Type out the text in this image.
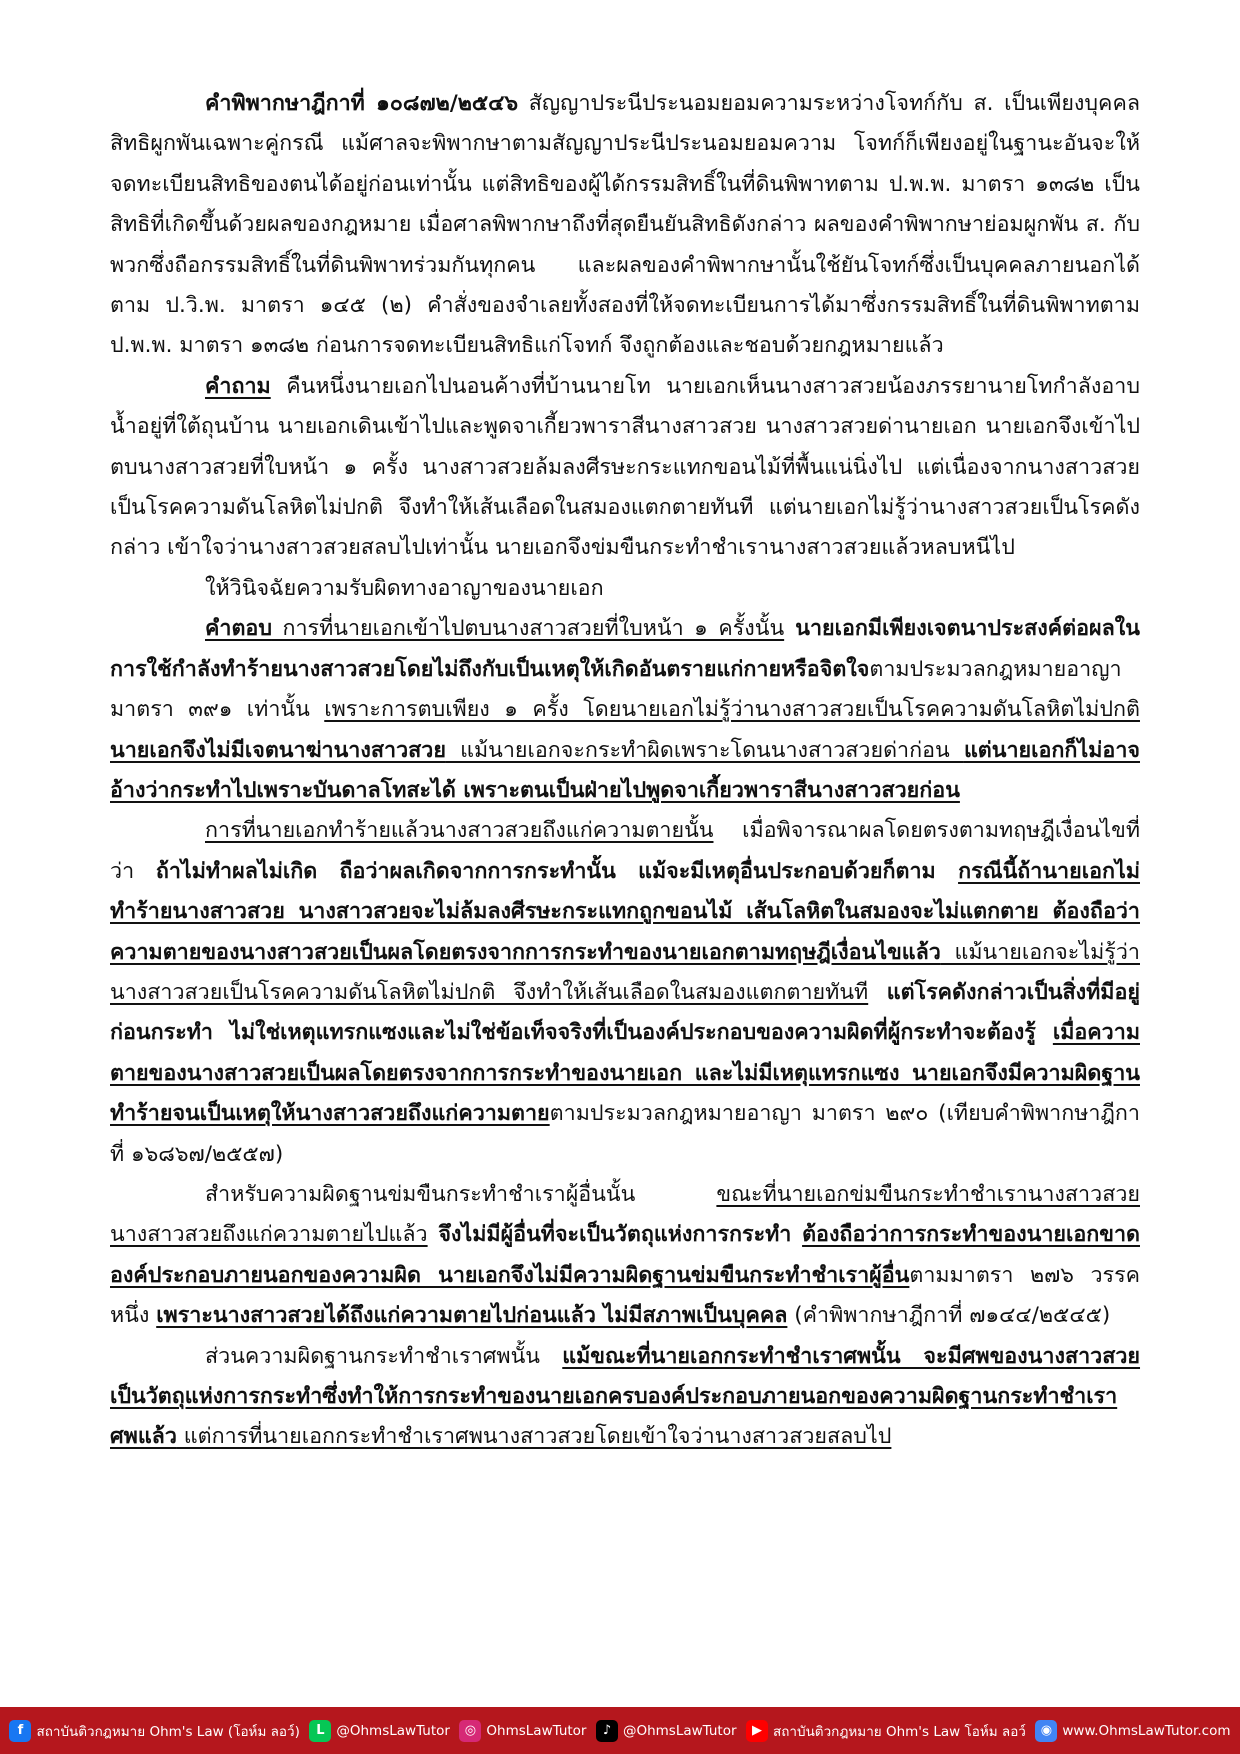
คำพิพากษาฎีกาที่ ๑๐๘๗๒/๒๕๔๖ สัญญาประนีประนอมยอมความระหว่างโจทก์กับ ส. เป็นเพียงบุคคลสิทธิผูกพันเฉพาะคู่กรณี แม้ศาลจะพิพากษาตามสัญญาประนีประนอมยอมความ โจทก์ก็เพียงอยู่ในฐานะอันจะให้จดทะเบียนสิทธิของตนได้อยู่ก่อนเท่านั้น แต่สิทธิของผู้ได้กรรมสิทธิ์ในที่ดินพิพาทตาม ป.พ.พ. มาตรา ๑๓๘๒ เป็นสิทธิที่เกิดขึ้นด้วยผลของกฎหมาย เมื่อศาลพิพากษาถึงที่สุดยืนยันสิทธิดังกล่าว ผลของคำพิพากษาย่อมผูกพัน ส. กับพวกซึ่งถือกรรมสิทธิ์ในที่ดินพิพาทร่วมกันทุกคน และผลของคำพิพากษานั้นใช้ยันโจทก์ซึ่งเป็นบุคคลภายนอกได้ตาม ป.วิ.พ. มาตรา ๑๔๕ (๒) คำสั่งของจำเลยทั้งสองที่ให้จดทะเบียนการได้มาซึ่งกรรมสิทธิ์ในที่ดินพิพาทตาม ป.พ.พ. มาตรา ๑๓๘๒ ก่อนการจดทะเบียนสิทธิแก่โจทก์ จึงถูกต้องและชอบด้วยกฎหมายแล้ว

คำถาม คืนหนึ่งนายเอกไปนอนค้างที่บ้านนายโท นายเอกเห็นนางสาวสวยน้องภรรยานายโทกำลังอาบน้ำอยู่ที่ใต้ถุนบ้าน นายเอกเดินเข้าไปและพูดจาเกี้ยวพาราสีนางสาวสวย นางสาวสวยด่านายเอก นายเอกจึงเข้าไปตบนางสาวสวยที่ใบหน้า ๑ ครั้ง นางสาวสวยล้มลงศีรษะกระแทกขอนไม้ที่พื้นแน่นิ่งไป แต่เนื่องจากนางสาวสวยเป็นโรคความดันโลหิตไม่ปกติ จึงทำให้เส้นเลือดในสมองแตกตายทันที แต่นายเอกไม่รู้ว่านางสาวสวยเป็นโรคดังกล่าว เข้าใจว่านางสาวสวยสลบไปเท่านั้น นายเอกจึงข่มขืนกระทำชำเรานางสาวสวยแล้วหลบหนีไป

ให้วินิจฉัยความรับผิดทางอาญาของนายเอก

คำตอบ การที่นายเอกเข้าไปตบนางสาวสวยที่ใบหน้า ๑ ครั้งนั้น นายเอกมีเพียงเจตนาประสงค์ต่อผลในการใช้กำลังทำร้ายนางสาวสวยโดยไม่ถึงกับเป็นเหตุให้เกิดอันตรายแก่กายหรือจิตใจตามประมวลกฎหมายอาญา มาตรา ๓๙๑ เท่านั้น เพราะการตบเพียง ๑ ครั้ง โดยนายเอกไม่รู้ว่านางสาวสวยเป็นโรคความดันโลหิตไม่ปกติ นายเอกจึงไม่มีเจตนาฆ่านางสาวสวย แม้นายเอกจะกระทำผิดเพราะโดนนางสาวสวยด่าก่อน แต่นายเอกก็ไม่อาจอ้างว่ากระทำไปเพราะบันดาลโทสะได้ เพราะตนเป็นฝ่ายไปพูดจาเกี้ยวพาราสีนางสาวสวยก่อน

การที่นายเอกทำร้ายแล้วนางสาวสวยถึงแก่ความตายนั้น เมื่อพิจารณาผลโดยตรงตามทฤษฎีเงื่อนไขที่ว่า ถ้าไม่ทำผลไม่เกิด ถือว่าผลเกิดจากการกระทำนั้น แม้จะมีเหตุอื่นประกอบด้วยก็ตาม กรณีนี้ถ้านายเอกไม่ทำร้ายนางสาวสวย นางสาวสวยจะไม่ล้มลงศีรษะกระแทกถูกขอนไม้ เส้นโลหิตในสมองจะไม่แตกตาย ต้องถือว่าความตายของนางสาวสวยเป็นผลโดยตรงจากการกระทำของนายเอกตามทฤษฎีเงื่อนไขแล้ว แม้นายเอกจะไม่รู้ว่านางสาวสวยเป็นโรคความดันโลหิตไม่ปกติ จึงทำให้เส้นเลือดในสมองแตกตายทันที แต่โรคดังกล่าวเป็นสิ่งที่มีอยู่ก่อนกระทำ ไม่ใช่เหตุแทรกแซงและไม่ใช่ข้อเท็จจริงที่เป็นองค์ประกอบของความผิดที่ผู้กระทำจะต้องรู้ เมื่อความตายของนางสาวสวยเป็นผลโดยตรงจากการกระทำของนายเอก และไม่มีเหตุแทรกแซง นายเอกจึงมีความผิดฐานทำร้ายจนเป็นเหตุให้นางสาวสวยถึงแก่ความตายตามประมวลกฎหมายอาญา มาตรา ๒๙๐ (เทียบคำพิพากษาฎีกาที่ ๑๖๘๖๗/๒๕๕๗)

สำหรับความผิดฐานข่มขืนกระทำชำเราผู้อื่นนั้น ขณะที่นายเอกข่มขืนกระทำชำเรานางสาวสวยนางสาวสวยถึงแก่ความตายไปแล้ว จึงไม่มีผู้อื่นที่จะเป็นวัตถุแห่งการกระทำ ต้องถือว่าการกระทำของนายเอกขาดองค์ประกอบภายนอกของความผิด นายเอกจึงไม่มีความผิดฐานข่มขืนกระทำชำเราผู้อื่นตามมาตรา ๒๗๖ วรรคหนึ่ง เพราะนางสาวสวยได้ถึงแก่ความตายไปก่อนแล้ว ไม่มีสภาพเป็นบุคคล (คำพิพากษาฎีกาที่ ๗๑๔๔/๒๕๔๕)

ส่วนความผิดฐานกระทำชำเราศพนั้น แม้ขณะที่นายเอกกระทำชำเราศพนั้น จะมีศพของนางสาวสวยเป็นวัตถุแห่งการกระทำซึ่งทำให้การกระทำของนายเอกครบองค์ประกอบภายนอกของความผิดฐานกระทำชำเราศพแล้ว แต่การที่นายเอกกระทำชำเราศพนางสาวสวยโดยเข้าใจว่านางสาวสวยสลบไป

f สถาบันติวกฎหมาย Ohm's Law (โอห์ม ลอว์)	L @OhmsLawTutor	◎ OhmsLawTutor	♪ @OhmsLawTutor	▶ สถาบันติวกฎหมาย Ohm's Law โอห์ม ลอว์	◉ www.OhmsLawTutor.com
